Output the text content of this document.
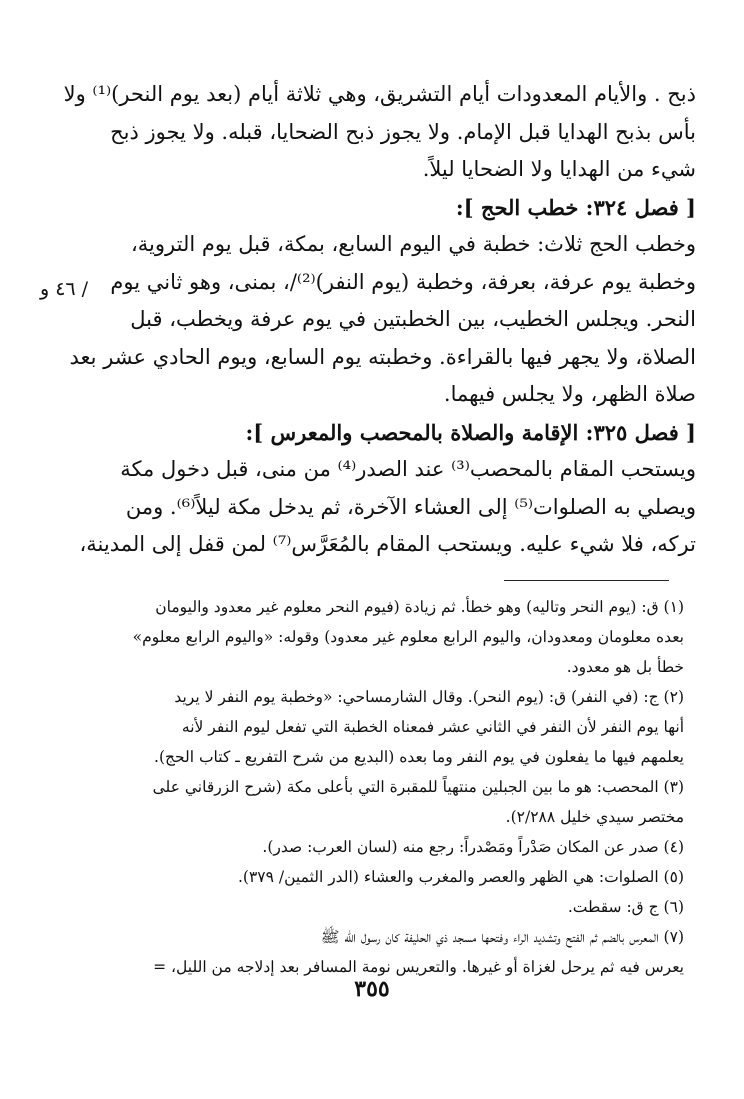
ذبح . والأيام المعدودات أيام التشريق، وهي ثلاثة أيام (بعد يوم النحر)⁽¹⁾ ولا
بأس بذبح الهدايا قبل الإمام. ولا يجوز ذبح الضحايا، قبله. ولا يجوز ذبح
شيء من الهدايا ولا الضحايا ليلاً.
[ فصل ٣٢٤: خطب الحج ]:
وخطب الحج ثلاث: خطبة في اليوم السابع، بمكة، قبل يوم التروية،
وخطبة يوم عرفة، بعرفة، وخطبة (يوم النفر)⁽²⁾/، بمنى، وهو ثاني يوم
النحر. ويجلس الخطيب، بين الخطبتين في يوم عرفة ويخطب، قبل
الصلاة، ولا يجهر فيها بالقراءة. وخطبته يوم السابع، ويوم الحادي عشر بعد
صلاة الظهر، ولا يجلس فيهما.
[ فصل ٣٢٥: الإقامة والصلاة بالمحصب والمعرس ]:
ويستحب المقام بالمحصب⁽³⁾ عند الصدر⁽⁴⁾ من منى، قبل دخول مكة
ويصلي به الصلوات⁽⁵⁾ إلى العشاء الآخرة، ثم يدخل مكة ليلاً⁽⁶⁾. ومن
تركه، فلا شيء عليه. ويستحب المقام بالمُعَرَّس⁽⁷⁾ لمن قفل إلى المدينة،
/ ٤٦ و
(١) ق: (يوم النحر وتاليه) وهو خطأ. ثم زيادة (فيوم النحر معلوم غير معدود واليومان
بعده معلومان ومعدودان، واليوم الرابع معلوم غير معدود) وقوله: «واليوم الرابع معلوم»
خطأ بل هو معدود.
(٢) ج: (في النفر) ق: (يوم النحر). وقال الشارمساحي: «وخطبة يوم النفر لا يريد
أنها يوم النفر لأن النفر في الثاني عشر فمعناه الخطبة التي تفعل ليوم النفر لأنه
يعلمهم فيها ما يفعلون في يوم النفر وما بعده (البديع من شرح التفريع ـ كتاب الحج).
(٣) المحصب: هو ما بين الجبلين منتهياً للمقبرة التي بأعلى مكة (شرح الزرقاني على
مختصر سيدي خليل ٢/٢٨٨).
(٤) صدر عن المكان صَدْراً ومَصْدراً: رجع منه (لسان العرب: صدر).
(٥) الصلوات: هي الظهر والعصر والمغرب والعشاء (الدر الثمين/ ٣٧٩).
(٦) ج ق: سقطت.
(٧) المعرس بالضم ثم الفتح وتشديد الراء وفتحها مسجد ذي الحليفة كان رسول الله ﷺ
يعرس فيه ثم يرحل لغزاة أو غيرها. والتعريس نومة المسافر بعد إدلاجه من الليل، =
٣٥٥
